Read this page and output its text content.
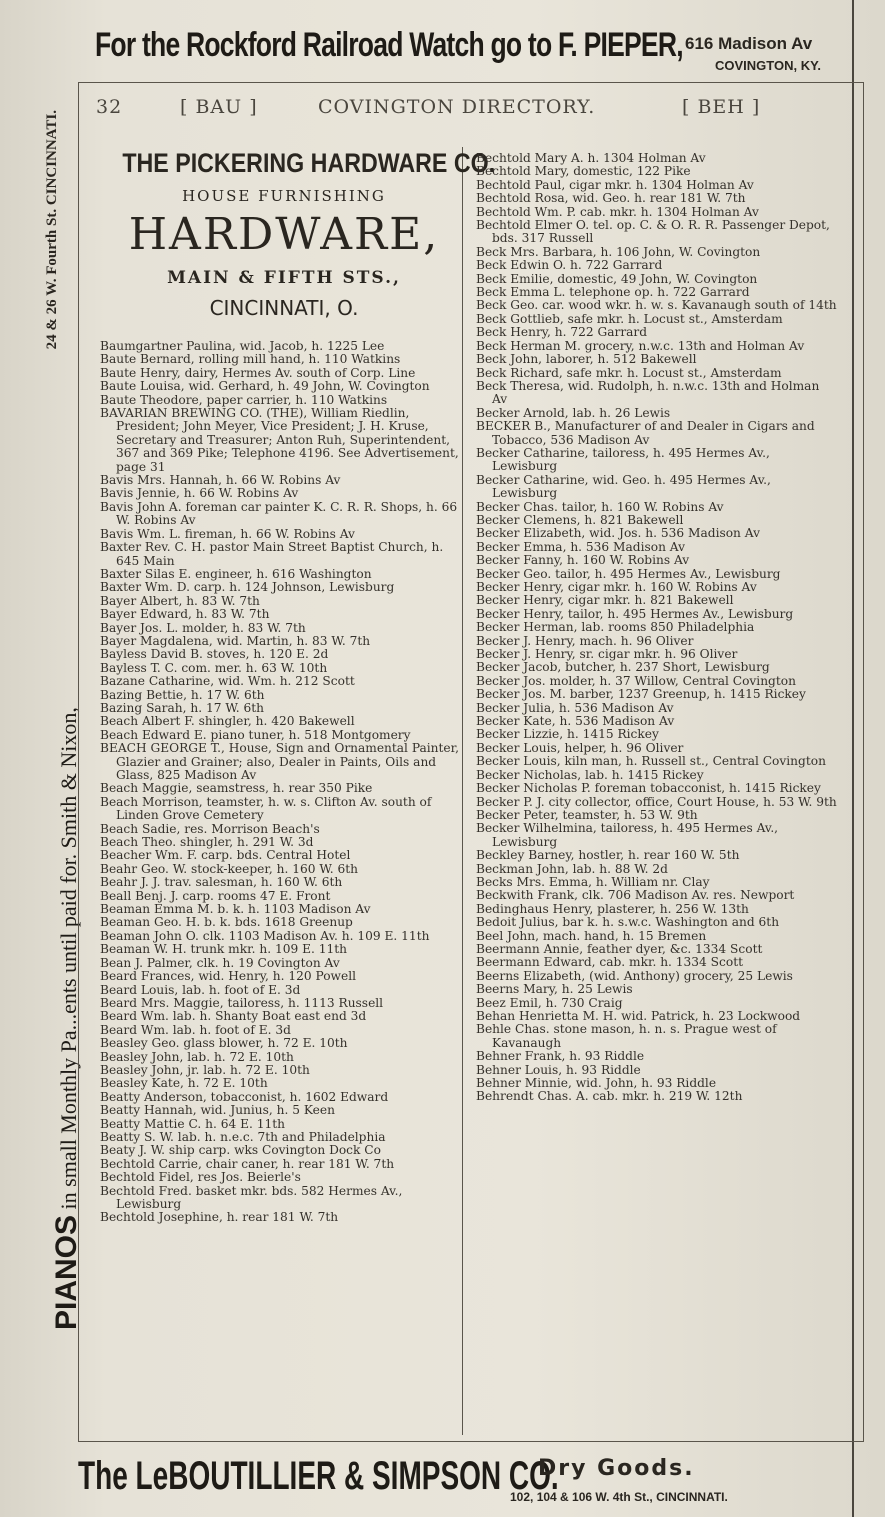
For the Rockford Railroad Watch go to F. PIEPER, 616 Madison Av
COVINGTON, KY.
24 & 26 W. Fourth St. CINCINNATI.
PIANOS in small Monthly Pa...ents until paid for. Smith & Nixon,
32	[ BAU ]	COVINGTON DIRECTORY.	[ BEH ]
THE PICKERING HARDWARE CO.
HOUSE FURNISHING
HARDWARE,
MAIN & FIFTH STS.,
CINCINNATI, O.

Baumgartner Paulina, wid. Jacob, h. 1225 Lee

Baute Bernard, rolling mill hand, h. 110 Watkins

Baute Henry, dairy, Hermes Av. south of Corp. Line

Baute Louisa, wid. Gerhard, h. 49 John, W. Covington

Baute Theodore, paper carrier, h. 110 Watkins

BAVARIAN BREWING CO. (THE), William Riedlin, President; John Meyer, Vice President; J. H. Kruse, Secretary and Treasurer; Anton Ruh, Superintendent, 367 and 369 Pike; Telephone 4196. See Advertisement, page 31

Bavis Mrs. Hannah, h. 66 W. Robins Av

Bavis Jennie, h. 66 W. Robins Av

Bavis John A. foreman car painter K. C. R. R. Shops, h. 66 W. Robins Av

Bavis Wm. L. fireman, h. 66 W. Robins Av

Baxter Rev. C. H. pastor Main Street Baptist Church, h. 645 Main

Baxter Silas E. engineer, h. 616 Washington

Baxter Wm. D. carp. h. 124 Johnson, Lewisburg

Bayer Albert, h. 83 W. 7th

Bayer Edward, h. 83 W. 7th

Bayer Jos. L. molder, h. 83 W. 7th

Bayer Magdalena, wid. Martin, h. 83 W. 7th

Bayless David B. stoves, h. 120 E. 2d

Bayless T. C. com. mer. h. 63 W. 10th

Bazane Catharine, wid. Wm. h. 212 Scott

Bazing Bettie, h. 17 W. 6th

Bazing Sarah, h. 17 W. 6th

Beach Albert F. shingler, h. 420 Bakewell

Beach Edward E. piano tuner, h. 518 Montgomery

BEACH GEORGE T., House, Sign and Ornamental Painter, Glazier and Grainer; also, Dealer in Paints, Oils and Glass, 825 Madison Av

Beach Maggie, seamstress, h. rear 350 Pike

Beach Morrison, teamster, h. w. s. Clifton Av. south of Linden Grove Cemetery

Beach Sadie, res. Morrison Beach's

Beach Theo. shingler, h. 291 W. 3d

Beacher Wm. F. carp. bds. Central Hotel

Beahr Geo. W. stock-keeper, h. 160 W. 6th

Beahr J. J. trav. salesman, h. 160 W. 6th

Beall Benj. J. carp. rooms 47 E. Front

Beaman Emma M. b. k. h. 1103 Madison Av

Beaman Geo. H. b. k. bds. 1618 Greenup

Beaman John O. clk. 1103 Madison Av. h. 109 E. 11th

Beaman W. H. trunk mkr. h. 109 E. 11th

Bean J. Palmer, clk. h. 19 Covington Av

Beard Frances, wid. Henry, h. 120 Powell

Beard Louis, lab. h. foot of E. 3d

Beard Mrs. Maggie, tailoress, h. 1113 Russell

Beard Wm. lab. h. Shanty Boat east end 3d

Beard Wm. lab. h. foot of E. 3d

Beasley Geo. glass blower, h. 72 E. 10th

Beasley John, lab. h. 72 E. 10th

Beasley John, jr. lab. h. 72 E. 10th

Beasley Kate, h. 72 E. 10th

Beatty Anderson, tobacconist, h. 1602 Edward

Beatty Hannah, wid. Junius, h. 5 Keen

Beatty Mattie C. h. 64 E. 11th

Beatty S. W. lab. h. n.e.c. 7th and Philadelphia

Beaty J. W. ship carp. wks Covington Dock Co

Bechtold Carrie, chair caner, h. rear 181 W. 7th

Bechtold Fidel, res Jos. Beierle's

Bechtold Fred. basket mkr. bds. 582 Hermes Av., Lewisburg

Bechtold Josephine, h. rear 181 W. 7th

Bechtold Mary A. h. 1304 Holman Av

Bechtold Mary, domestic, 122 Pike

Bechtold Paul, cigar mkr. h. 1304 Holman Av

Bechtold Rosa, wid. Geo. h. rear 181 W. 7th

Bechtold Wm. P. cab. mkr. h. 1304 Holman Av

Bechtold Elmer O. tel. op. C. & O. R. R. Passenger Depot, bds. 317 Russell

Beck Mrs. Barbara, h. 106 John, W. Covington

Beck Edwin O. h. 722 Garrard

Beck Emilie, domestic, 49 John, W. Covington

Beck Emma L. telephone op. h. 722 Garrard

Beck Geo. car. wood wkr. h. w. s. Kavanaugh south of 14th

Beck Gottlieb, safe mkr. h. Locust st., Amsterdam

Beck Henry, h. 722 Garrard

Beck Herman M. grocery, n.w.c. 13th and Holman Av

Beck John, laborer, h. 512 Bakewell

Beck Richard, safe mkr. h. Locust st., Amsterdam

Beck Theresa, wid. Rudolph, h. n.w.c. 13th and Holman Av

Becker Arnold, lab. h. 26 Lewis

BECKER B., Manufacturer of and Dealer in Cigars and Tobacco, 536 Madison Av

Becker Catharine, tailoress, h. 495 Hermes Av., Lewisburg

Becker Catharine, wid. Geo. h. 495 Hermes Av., Lewisburg

Becker Chas. tailor, h. 160 W. Robins Av

Becker Clemens, h. 821 Bakewell

Becker Elizabeth, wid. Jos. h. 536 Madison Av

Becker Emma, h. 536 Madison Av

Becker Fanny, h. 160 W. Robins Av

Becker Geo. tailor, h. 495 Hermes Av., Lewisburg

Becker Henry, cigar mkr. h. 160 W. Robins Av

Becker Henry, cigar mkr. h. 821 Bakewell

Becker Henry, tailor, h. 495 Hermes Av., Lewisburg

Becker Herman, lab. rooms 850 Philadelphia

Becker J. Henry, mach. h. 96 Oliver

Becker J. Henry, sr. cigar mkr. h. 96 Oliver

Becker Jacob, butcher, h. 237 Short, Lewisburg

Becker Jos. molder, h. 37 Willow, Central Covington

Becker Jos. M. barber, 1237 Greenup, h. 1415 Rickey

Becker Julia, h. 536 Madison Av

Becker Kate, h. 536 Madison Av

Becker Lizzie, h. 1415 Rickey

Becker Louis, helper, h. 96 Oliver

Becker Louis, kiln man, h. Russell st., Central Covington

Becker Nicholas, lab. h. 1415 Rickey

Becker Nicholas P. foreman tobacconist, h. 1415 Rickey

Becker P. J. city collector, office, Court House, h. 53 W. 9th

Becker Peter, teamster, h. 53 W. 9th

Becker Wilhelmina, tailoress, h. 495 Hermes Av., Lewisburg

Beckley Barney, hostler, h. rear 160 W. 5th

Beckman John, lab. h. 88 W. 2d

Becks Mrs. Emma, h. William nr. Clay

Beckwith Frank, clk. 706 Madison Av. res. Newport

Bedinghaus Henry, plasterer, h. 256 W. 13th

Bedoit Julius, bar k. h. s.w.c. Washington and 6th

Beel John, mach. hand, h. 15 Bremen

Beermann Annie, feather dyer, &c. 1334 Scott

Beermann Edward, cab. mkr. h. 1334 Scott

Beerns Elizabeth, (wid. Anthony) grocery, 25 Lewis

Beerns Mary, h. 25 Lewis

Beez Emil, h. 730 Craig

Behan Henrietta M. H. wid. Patrick, h. 23 Lockwood

Behle Chas. stone mason, h. n. s. Prague west of Kavanaugh

Behner Frank, h. 93 Riddle

Behner Louis, h. 93 Riddle

Behner Minnie, wid. John, h. 93 Riddle

Behrendt Chas. A. cab. mkr. h. 219 W. 12th

The LeBOUTILLIER & SIMPSON CO.
Dry Goods.
102, 104 & 106 W. 4th St., CINCINNATI.
